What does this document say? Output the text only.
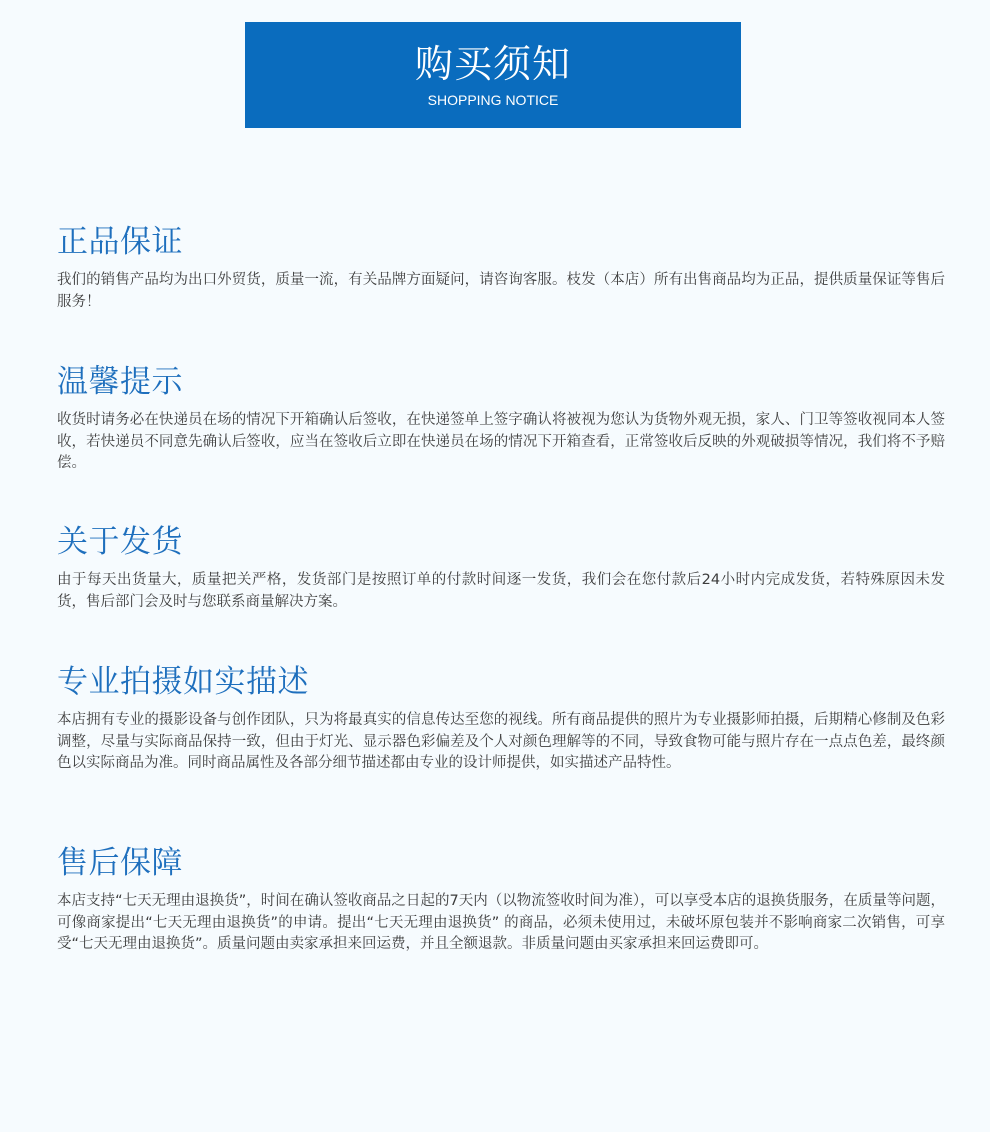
购买须知
SHOPPING NOTICE
正品保证

我们的销售产品均为出口外贸货，质量一流，有关品牌方面疑问，请咨询客服。枝发（本店）所有出售商品均为正品，提供质量保证等售后服务！

温馨提示

收货时请务必在快递员在场的情况下开箱确认后签收，在快递签单上签字确认将被视为您认为货物外观无损，家人、门卫等签收视同本人签收，若快递员不同意先确认后签收，应当在签收后立即在快递员在场的情况下开箱查看，正常签收后反映的外观破损等情况，我们将不予赔偿。

关于发货

由于每天出货量大，质量把关严格，发货部门是按照订单的付款时间逐一发货，我们会在您付款后24小时内完成发货，若特殊原因未发货，售后部门会及时与您联系商量解决方案。

专业拍摄如实描述

本店拥有专业的摄影设备与创作团队，只为将最真实的信息传达至您的视线。所有商品提供的照片为专业摄影师拍摄，后期精心修制及色彩调整，尽量与实际商品保持一致，但由于灯光、显示器色彩偏差及个人对颜色理解等的不同，导致食物可能与照片存在一点点色差，最终颜色以实际商品为准。同时商品属性及各部分细节描述都由专业的设计师提供，如实描述产品特性。

售后保障

本店支持“七天无理由退换货”，时间在确认签收商品之日起的7天内（以物流签收时间为准），可以享受本店的退换货服务，在质量等问题，可像商家提出“七天无理由退换货”的申请。提出“七天无理由退换货” 的商品，必须未使用过，未破坏原包装并不影响商家二次销售，可享受“七天无理由退换货”。质量问题由卖家承担来回运费，并且全额退款。非质量问题由买家承担来回运费即可。
